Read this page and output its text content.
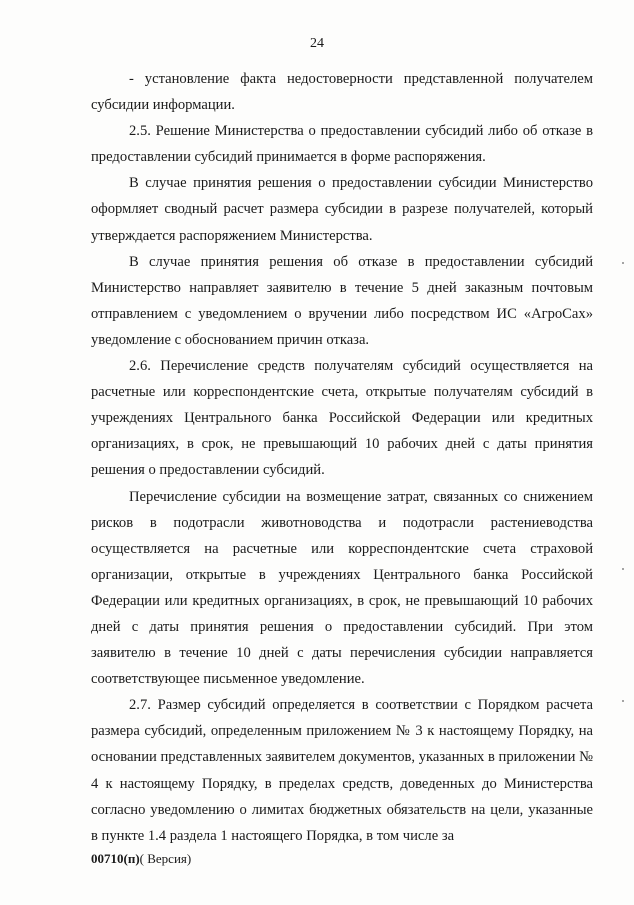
24

- установление факта недостоверности представленной получателем субсидии информации.

2.5. Решение Министерства о предоставлении субсидий либо об отказе в предоставлении субсидий принимается в форме распоряжения.

В случае принятия решения о предоставлении субсидии Министерство оформляет сводный расчет размера субсидии в разрезе получателей, который утверждается распоряжением Министерства.

В случае принятия решения об отказе в предоставлении субсидий Министерство направляет заявителю в течение 5 дней заказным почтовым отправлением с уведомлением о вручении либо посредством ИС «АгроСах» уведомление с обоснованием причин отказа.

2.6. Перечисление средств получателям субсидий осуществляется на расчетные или корреспондентские счета, открытые получателям субсидий в учреждениях Центрального банка Российской Федерации или кредитных организациях, в срок, не превышающий 10 рабочих дней с даты принятия решения о предоставлении субсидий.

Перечисление субсидии на возмещение затрат, связанных со снижением рисков в подотрасли животноводства и подотрасли растениеводства осуществляется на расчетные или корреспондентские счета страховой организации, открытые в учреждениях Центрального банка Российской Федерации или кредитных организациях, в срок, не превышающий 10 рабочих дней с даты принятия решения о предоставлении субсидий. При этом заявителю в течение 10 дней с даты перечисления субсидии направляется соответствующее письменное уведомление.

2.7. Размер субсидий определяется в соответствии с Порядком расчета размера субсидий, определенным приложением № 3 к настоящему Порядку, на основании представленных заявителем документов, указанных в приложении № 4 к настоящему Порядку, в пределах средств, доведенных до Министерства согласно уведомлению о лимитах бюджетных обязательств на цели, указанные в пункте 1.4 раздела 1 настоящего Порядка, в том числе за

00710(п)( Версия)
